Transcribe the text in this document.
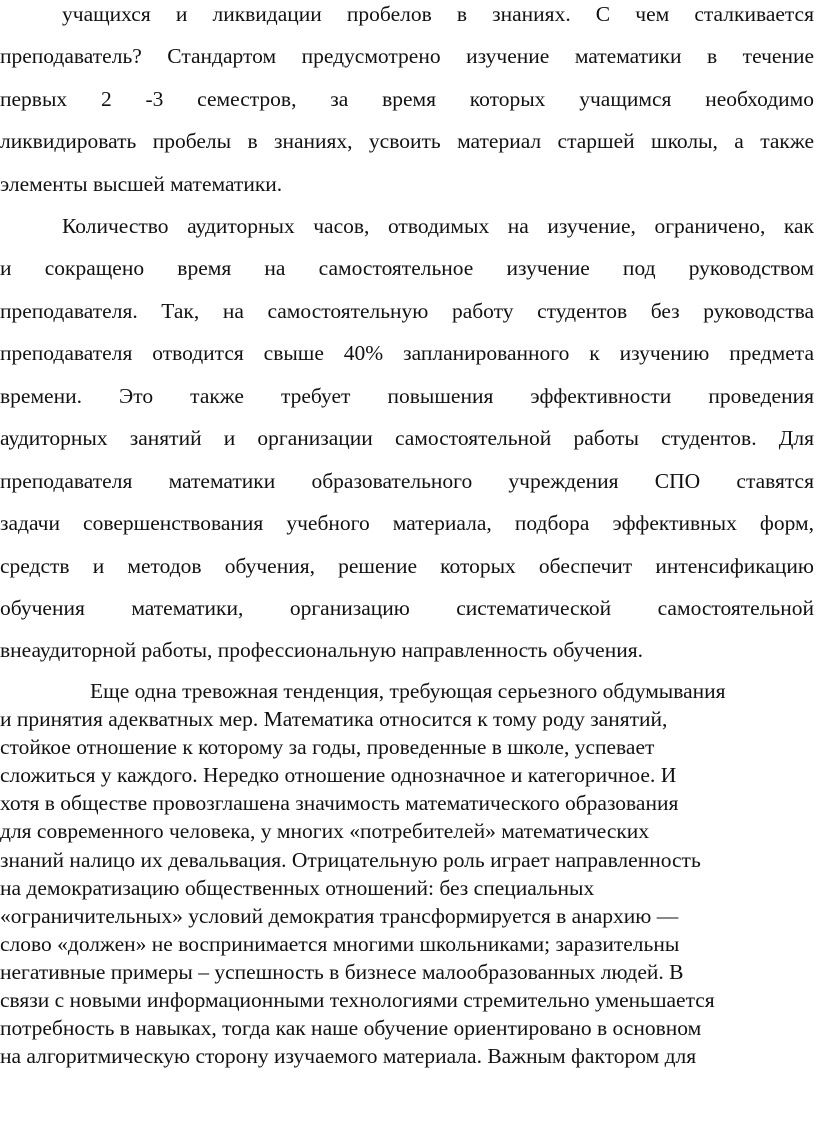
учащихся и ликвидации пробелов в знаниях. С чем сталкивается
преподаватель? Стандартом предусмотрено изучение математики в течение
первых 2 -3 семестров, за время которых учащимся необходимо
ликвидировать пробелы в знаниях, усвоить материал старшей школы, а также
элементы высшей математики.
Количество аудиторных часов, отводимых на изучение, ограничено, как
и сокращено время на самостоятельное изучение под руководством
преподавателя. Так, на самостоятельную работу студентов без руководства
преподавателя отводится свыше 40% запланированного к изучению предмета
времени. Это также требует повышения эффективности проведения
аудиторных занятий и организации самостоятельной работы студентов. Для
преподавателя математики образовательного учреждения СПО ставятся
задачи совершенствования учебного материала, подбора эффективных форм,
средств и методов обучения, решение которых обеспечит интенсификацию
обучения математики, организацию систематической самостоятельной
внеаудиторной работы, профессиональную направленность обучения.
Еще одна тревожная тенденция, требующая серьезного обдумывания
и принятия адекватных мер. Математика относится к тому роду занятий,
стойкое отношение к которому за годы, проведенные в школе, успевает
сложиться у каждого. Нередко отношение однозначное и категоричное. И
хотя в обществе провозглашена значимость математического образования
для современного человека, у многих «потребителей» математических
знаний налицо их девальвация. Отрицательную роль играет направленность
на демократизацию общественных отношений: без специальных
«ограничительных» условий демократия трансформируется в анархию —
слово «должен» не воспринимается многими школьниками; заразительны
негативные примеры – успешность в бизнесе малообразованных людей. В
связи с новыми информационными технологиями стремительно уменьшается
потребность в навыках, тогда как наше обучение ориентировано в основном
на алгоритмическую сторону изучаемого материала. Важным фактором для
